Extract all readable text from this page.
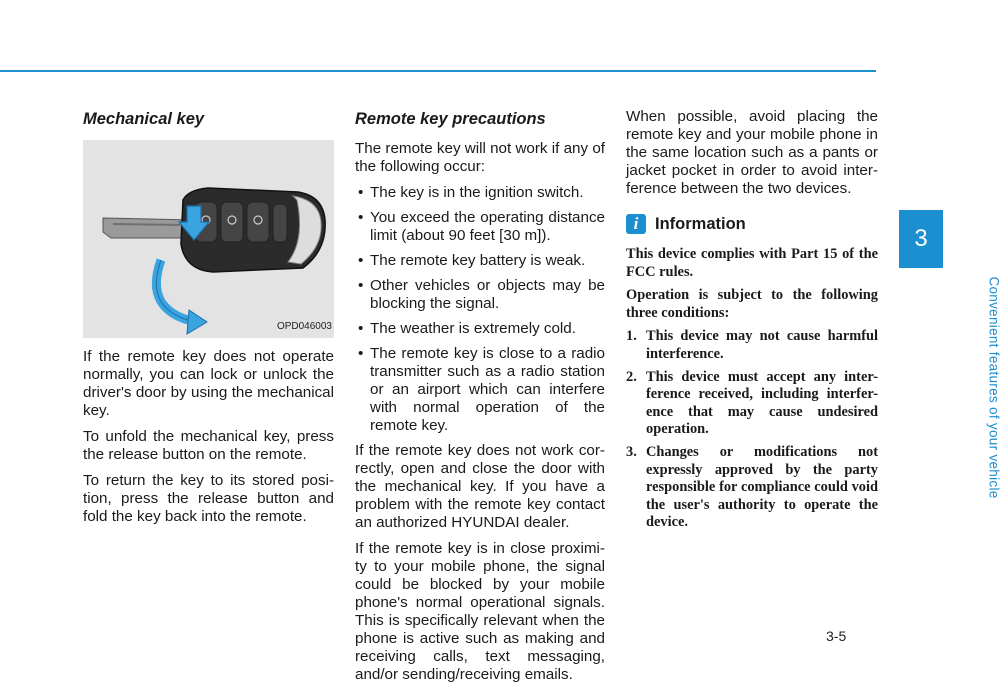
Mechanical key
OPD046003

If the remote key does not operate normally, you can lock or unlock the driver's door by using the mechanical key.

To unfold the mechanical key, press the release button on the remote.

To return the key to its stored posi-tion, press the release button and fold the key back into the remote.

Remote key precautions

The remote key will not work if any of the following occur:

• The key is in the ignition switch.
• You exceed the operating distance limit (about 90 feet [30 m]).
• The remote key battery is weak.
• Other vehicles or objects may be blocking the signal.
• The weather is extremely cold.
• The remote key is close to a radio transmitter such as a radio station or an airport which can interfere with normal operation of the remote key.

If the remote key does not work cor-rectly, open and close the door with the mechanical key. If you have a problem with the remote key contact an authorized HYUNDAI dealer.

If the remote key is in close proximi-ty to your mobile phone, the signal could be blocked by your mobile phone's normal operational signals. This is specifically relevant when the phone is active such as making and receiving calls, text messaging, and/or sending/receiving emails.

When possible, avoid placing the remote key and your mobile phone in the same location such as a pants or jacket pocket in order to avoid inter-ference between the two devices.

i	Information

This device complies with Part 15 of the FCC rules.

Operation is subject to the following three conditions:

1. This device may not cause harmful interference.
2. This device must accept any inter-ference received, including interfer-ence that may cause undesired operation.
3. Changes or modifications not expressly approved by the party responsible for compliance could void the user's authority to operate the device.
3
Convenient features of your vehicle
3-5
